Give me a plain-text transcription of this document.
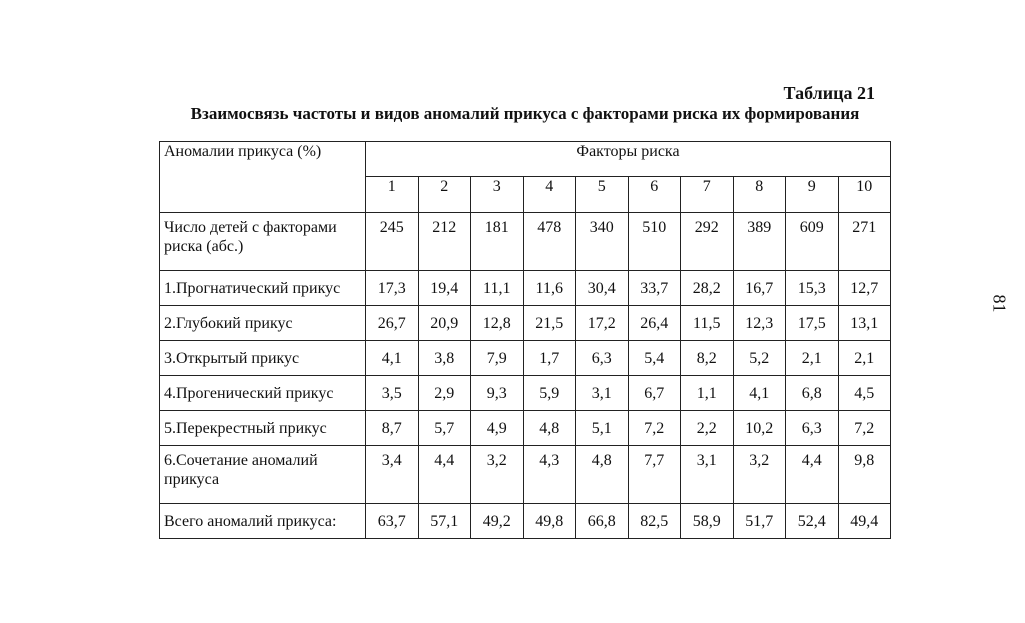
Таблица 21
Взаимосвязь частоты и видов аномалий прикуса с факторами риска их формирования
Аномалии прикуса (%)	Факторы риска									
	1	2	3	4	5	6	7	8	9	10
Число детей с факторами риска (абс.)	245	212	181	478	340	510	292	389	609	271
1.Прогнатический прикус	17,3	19,4	11,1	11,6	30,4	33,7	28,2	16,7	15,3	12,7
2.Глубокий прикус	26,7	20,9	12,8	21,5	17,2	26,4	11,5	12,3	17,5	13,1
3.Открытый прикус	4,1	3,8	7,9	1,7	6,3	5,4	8,2	5,2	2,1	2,1
4.Прогенический прикус	3,5	2,9	9,3	5,9	3,1	6,7	1,1	4,1	6,8	4,5
5.Перекрестный прикус	8,7	5,7	4,9	4,8	5,1	7,2	2,2	10,2	6,3	7,2
6.Сочетание аномалий прикуса	3,4	4,4	3,2	4,3	4,8	7,7	3,1	3,2	4,4	9,8
Всего аномалий прикуса:	63,7	57,1	49,2	49,8	66,8	82,5	58,9	51,7	52,4	49,4
81
